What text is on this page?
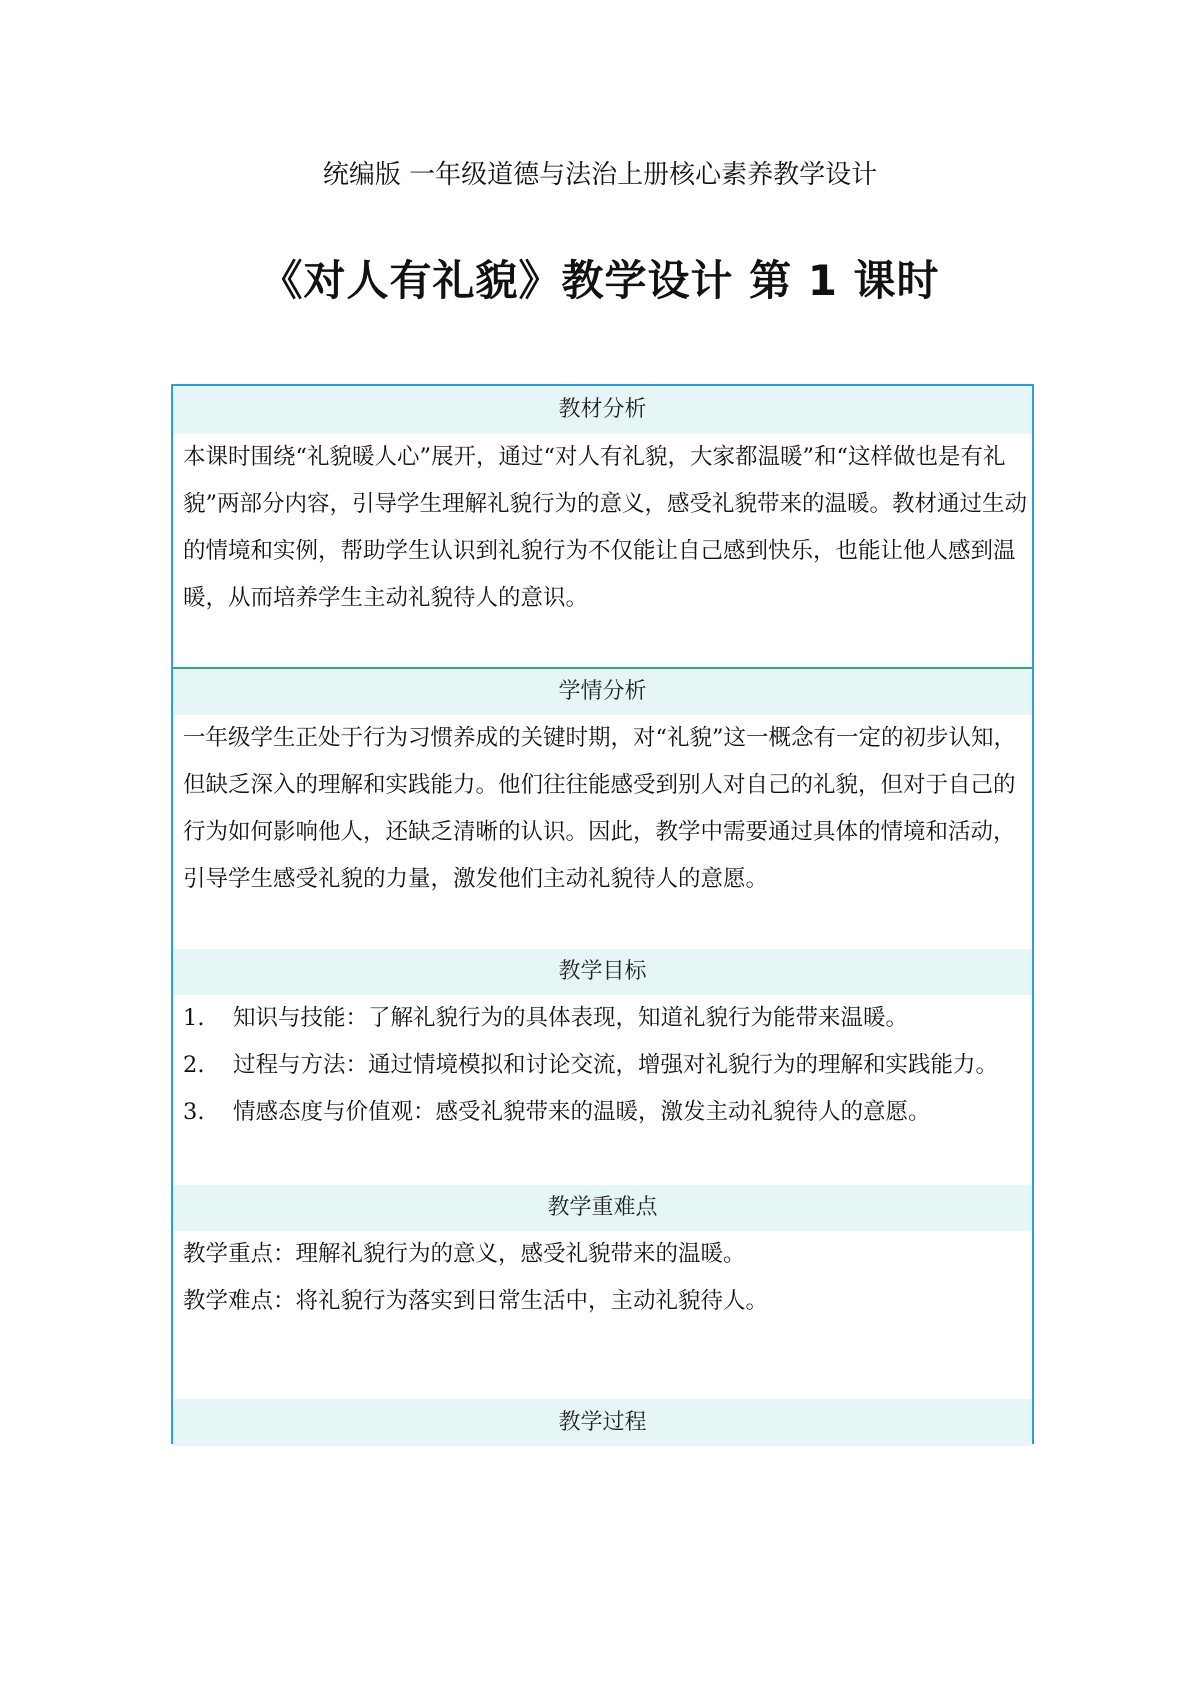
统编版 一年级道德与法治上册核心素养教学设计
《对人有礼貌》教学设计 第 1 课时
教材分析
本课时围绕“礼貌暖人心”展开，通过“对人有礼貌，大家都温暖”和“这样做也是有礼貌”两部分内容，引导学生理解礼貌行为的意义，感受礼貌带来的温暖。教材通过生动的情境和实例，帮助学生认识到礼貌行为不仅能让自己感到快乐，也能让他人感到温暖，从而培养学生主动礼貌待人的意识。
学情分析
一年级学生正处于行为习惯养成的关键时期，对“礼貌”这一概念有一定的初步认知，但缺乏深入的理解和实践能力。他们往往能感受到别人对自己的礼貌，但对于自己的行为如何影响他人，还缺乏清晰的认识。因此，教学中需要通过具体的情境和活动，引导学生感受礼貌的力量，激发他们主动礼貌待人的意愿。
教学目标
1.	知识与技能：了解礼貌行为的具体表现，知道礼貌行为能带来温暖。
2.	过程与方法：通过情境模拟和讨论交流，增强对礼貌行为的理解和实践能力。
3.	情感态度与价值观：感受礼貌带来的温暖，激发主动礼貌待人的意愿。
教学重难点
教学重点：理解礼貌行为的意义，感受礼貌带来的温暖。
教学难点：将礼貌行为落实到日常生活中，主动礼貌待人。
教学过程
